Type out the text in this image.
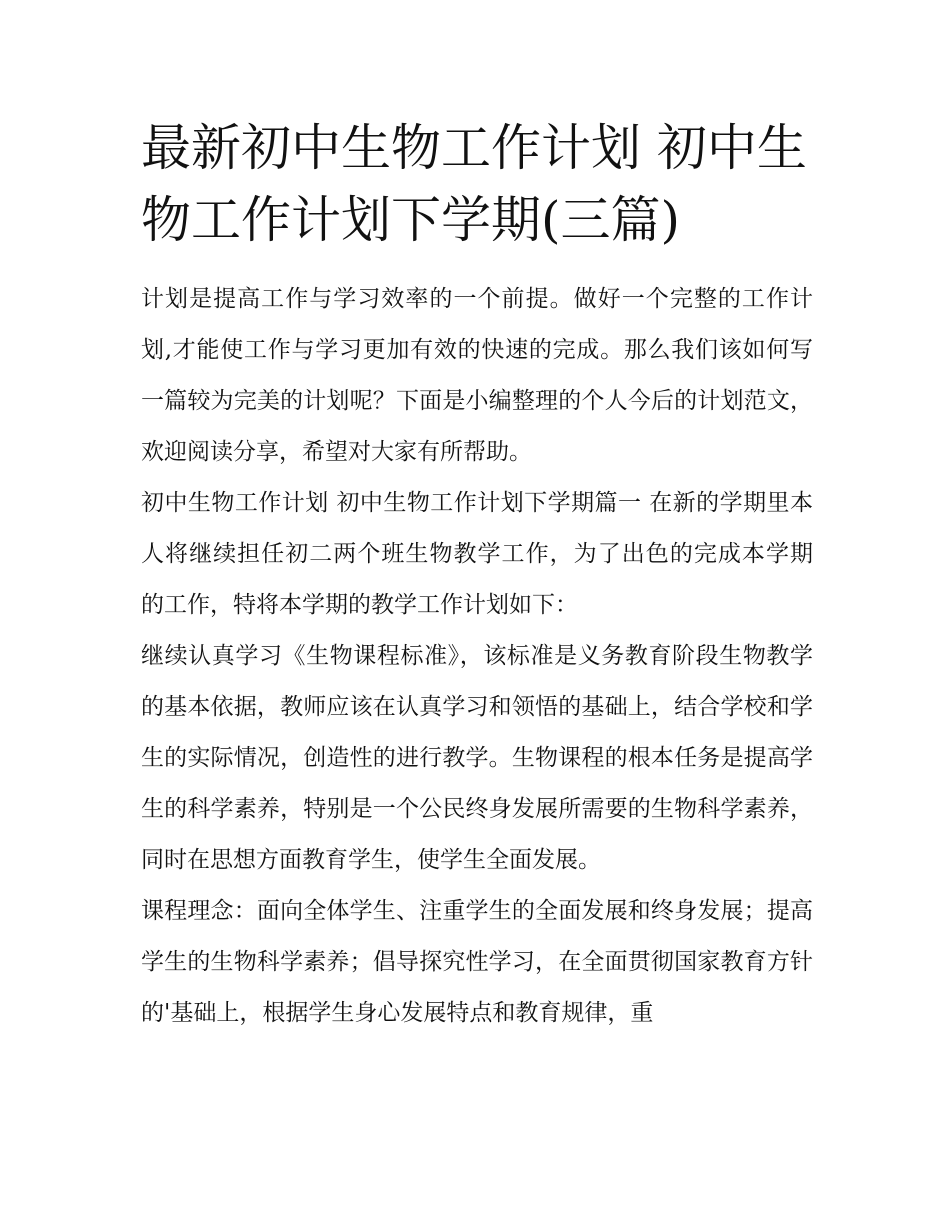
最新初中生物工作计划 初中生物工作计划下学期(三篇)

计划是提高工作与学习效率的一个前提。做好一个完整的工作计划,才能使工作与学习更加有效的快速的完成。那么我们该如何写一篇较为完美的计划呢？下面是小编整理的个人今后的计划范文，欢迎阅读分享，希望对大家有所帮助。

初中生物工作计划 初中生物工作计划下学期篇一 在新的学期里本人将继续担任初二两个班生物教学工作，为了出色的完成本学期 的工作，特将本学期的教学工作计划如下：

继续认真学习《生物课程标准》，该标准是义务教育阶段生物教学的基本依据，教师应该在认真学习和领悟的基础上，结合学校和学生的实际情况，创造性的进行教学。生物课程的根本任务是提高学生的科学素养，特别是一个公民终身发展所需要的生物科学素养，同时在思想方面教育学生，使学生全面发展。

课程理念：面向全体学生、注重学生的全面发展和终身发展；提高学生的生物科学素养；倡导探究性学习，在全面贯彻国家教育方针的'基础上，根据学生身心发展特点和教育规律，重
